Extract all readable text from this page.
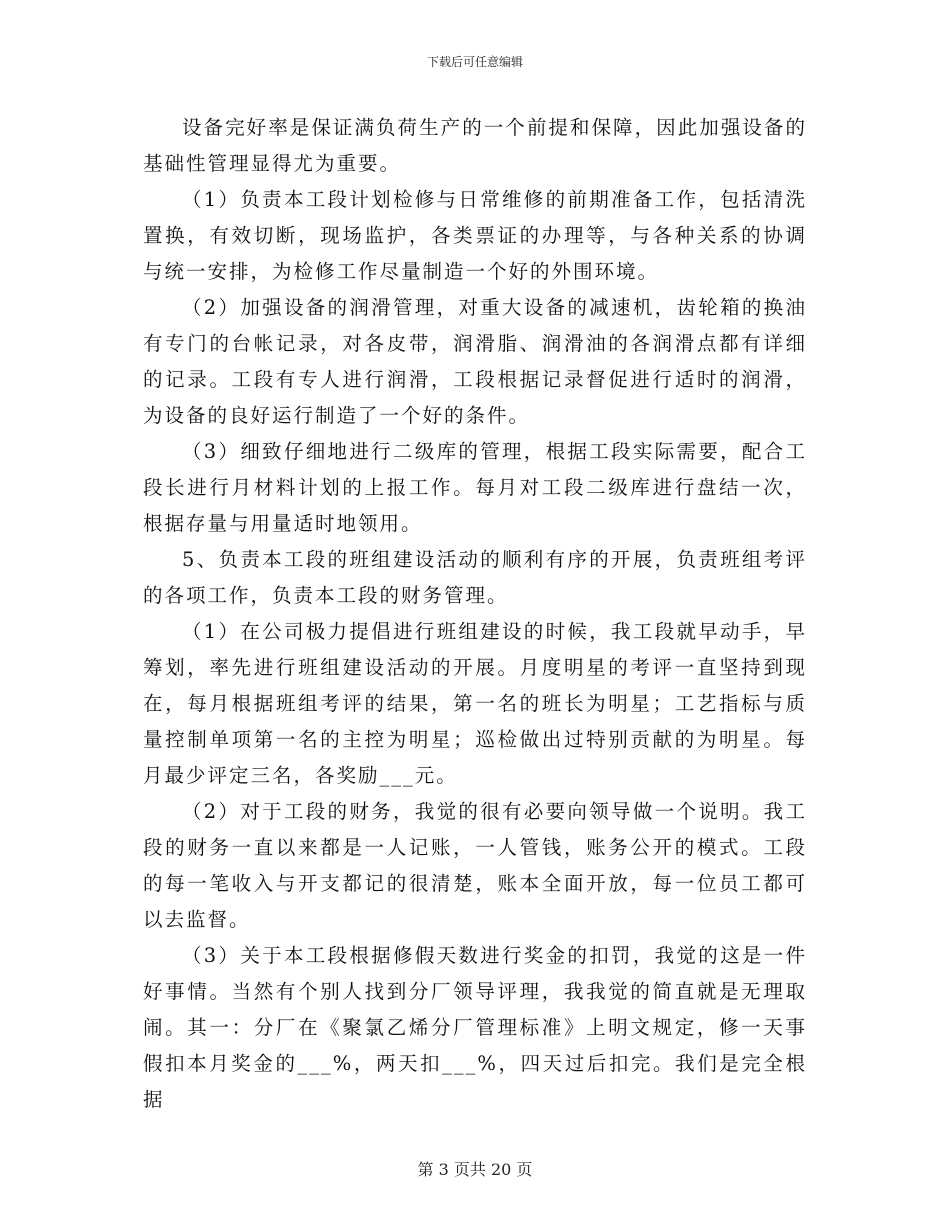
下载后可任意编辑

设备完好率是保证满负荷生产的一个前提和保障，因此加强设备的基础性管理显得尤为重要。

（1）负责本工段计划检修与日常维修的前期准备工作，包括清洗置换，有效切断，现场监护，各类票证的办理等，与各种关系的协调与统一安排，为检修工作尽量制造一个好的外围环境。

（2）加强设备的润滑管理，对重大设备的减速机，齿轮箱的换油有专门的台帐记录，对各皮带，润滑脂、润滑油的各润滑点都有详细的记录。工段有专人进行润滑，工段根据记录督促进行适时的润滑，为设备的良好运行制造了一个好的条件。

（3）细致仔细地进行二级库的管理，根据工段实际需要，配合工段长进行月材料计划的上报工作。每月对工段二级库进行盘结一次，根据存量与用量适时地领用。

5、负责本工段的班组建设活动的顺利有序的开展，负责班组考评的各项工作，负责本工段的财务管理。

（1）在公司极力提倡进行班组建设的时候，我工段就早动手，早筹划，率先进行班组建设活动的开展。月度明星的考评一直坚持到现在，每月根据班组考评的结果，第一名的班长为明星；工艺指标与质量控制单项第一名的主控为明星；巡检做出过特别贡献的为明星。每月最少评定三名，各奖励___元。

（2）对于工段的财务，我觉的很有必要向领导做一个说明。我工段的财务一直以来都是一人记账，一人管钱，账务公开的模式。工段的每一笔收入与开支都记的很清楚，账本全面开放，每一位员工都可以去监督。

（3）关于本工段根据修假天数进行奖金的扣罚，我觉的这是一件好事情。当然有个别人找到分厂领导评理，我我觉的简直就是无理取闹。其一：分厂在《聚氯乙烯分厂管理标准》上明文规定，修一天事假扣本月奖金的___%，两天扣___%，四天过后扣完。我们是完全根据

第 3 页共 20 页
